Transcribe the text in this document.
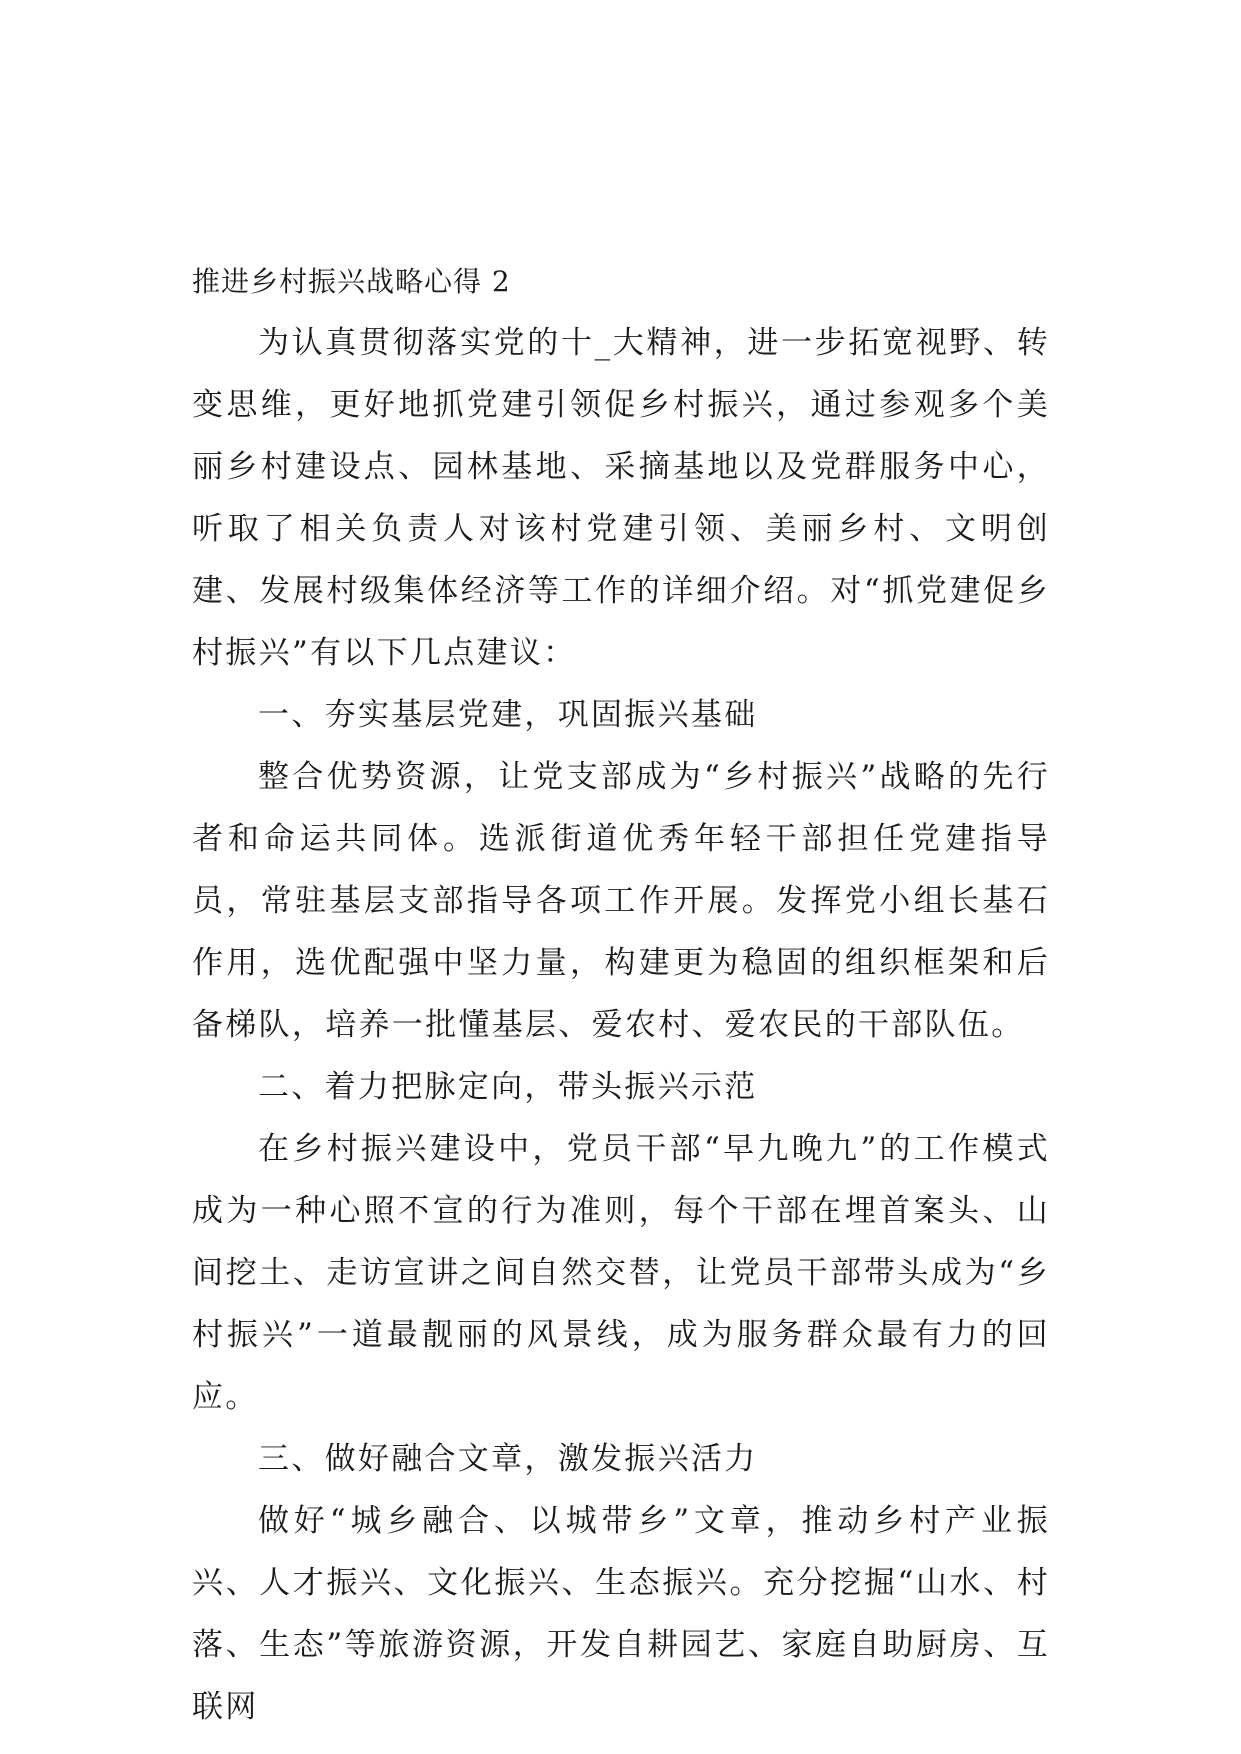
推进乡村振兴战略心得 2

为认真贯彻落实党的十_大精神，进一步拓宽视野、转变思维，更好地抓党建引领促乡村振兴，通过参观多个美丽乡村建设点、园林基地、采摘基地以及党群服务中心，听取了相关负责人对该村党建引领、美丽乡村、文明创建、发展村级集体经济等工作的详细介绍。对“抓党建促乡村振兴”有以下几点建议：

一、夯实基层党建，巩固振兴基础

整合优势资源，让党支部成为“乡村振兴”战略的先行者和命运共同体。选派街道优秀年轻干部担任党建指导员，常驻基层支部指导各项工作开展。发挥党小组长基石作用，选优配强中坚力量，构建更为稳固的组织框架和后备梯队，培养一批懂基层、爱农村、爱农民的干部队伍。

二、着力把脉定向，带头振兴示范

在乡村振兴建设中，党员干部“早九晚九”的工作模式成为一种心照不宣的行为准则，每个干部在埋首案头、山间挖土、走访宣讲之间自然交替，让党员干部带头成为“乡村振兴”一道最靓丽的风景线，成为服务群众最有力的回应。

三、做好融合文章，激发振兴活力

做好“城乡融合、以城带乡”文章，推动乡村产业振兴、人才振兴、文化振兴、生态振兴。充分挖掘“山水、村落、生态”等旅游资源，开发自耕园艺、家庭自助厨房、互联网
